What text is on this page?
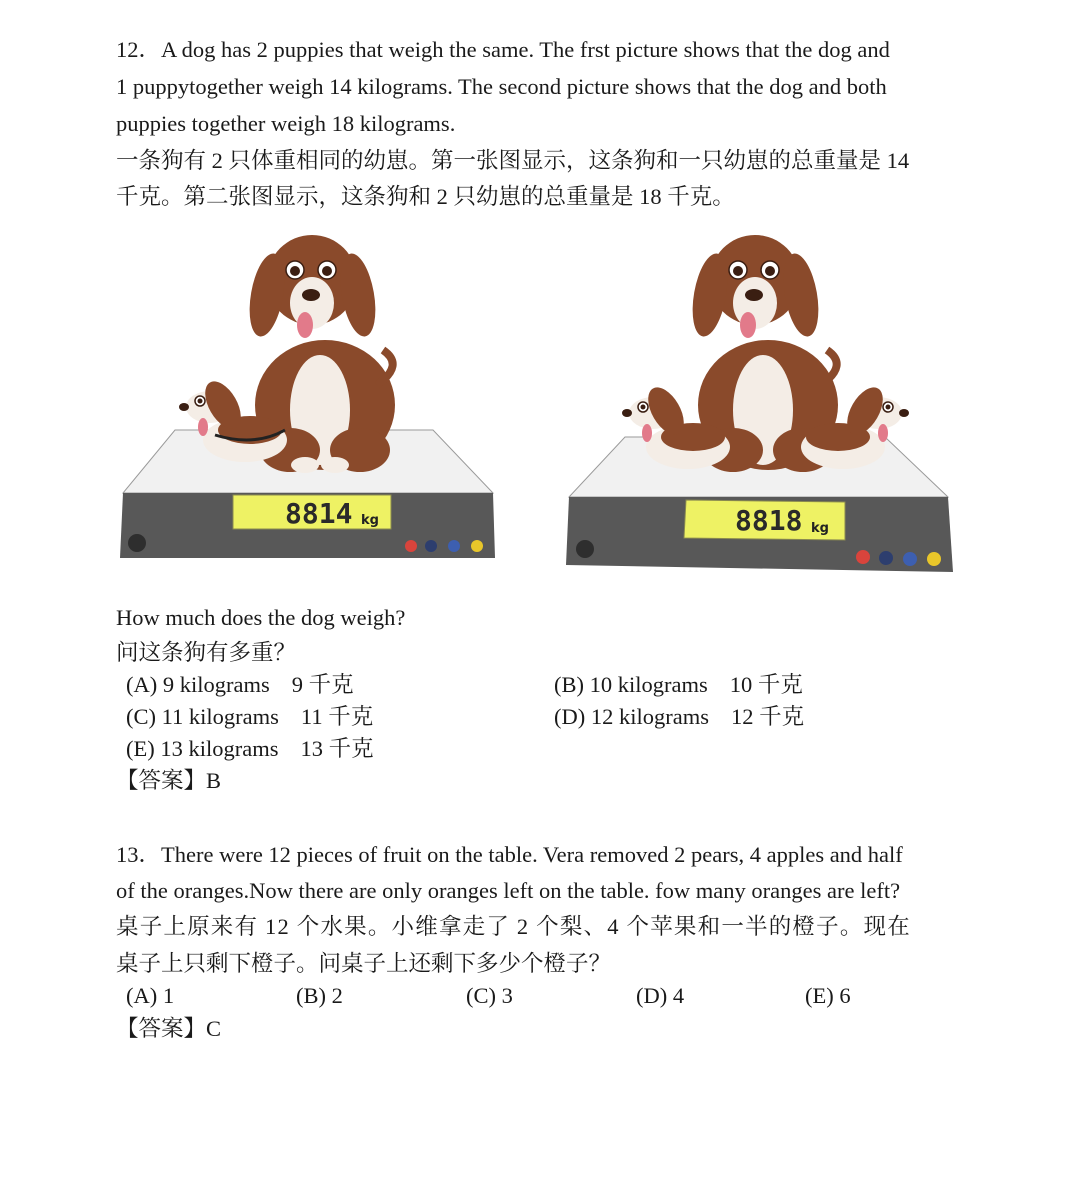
12．A dog has 2 puppies that weigh the same. The frst picture shows that the dog and
1 puppytogether weigh 14 kilograms. The second picture shows that the dog and both
puppies together weigh 18 kilograms.
一条狗有 2 只体重相同的幼崽。第一张图显示，这条狗和一只幼崽的总重量是 14
千克。第二张图显示，这条狗和 2 只幼崽的总重量是 18 千克。
8814 kg	8818 kg
How much does the dog weigh?
问这条狗有多重？
(A) 9 kilograms 9 千克	(B) 10 kilograms 10 千克
(C) 11 kilograms 11 千克	(D) 12 kilograms 12 千克
(E) 13 kilograms 13 千克
【答案】B
13．There were 12 pieces of fruit on the table. Vera removed 2 pears, 4 apples and half
of the oranges.Now there are only oranges left on the table. fow many oranges are left?
桌子上原来有 12 个水果。小维拿走了 2 个梨、4 个苹果和一半的橙子。现在
桌子上只剩下橙子。问桌子上还剩下多少个橙子？
(A) 1	(B) 2	(C) 3	(D) 4	(E) 6
【答案】C
